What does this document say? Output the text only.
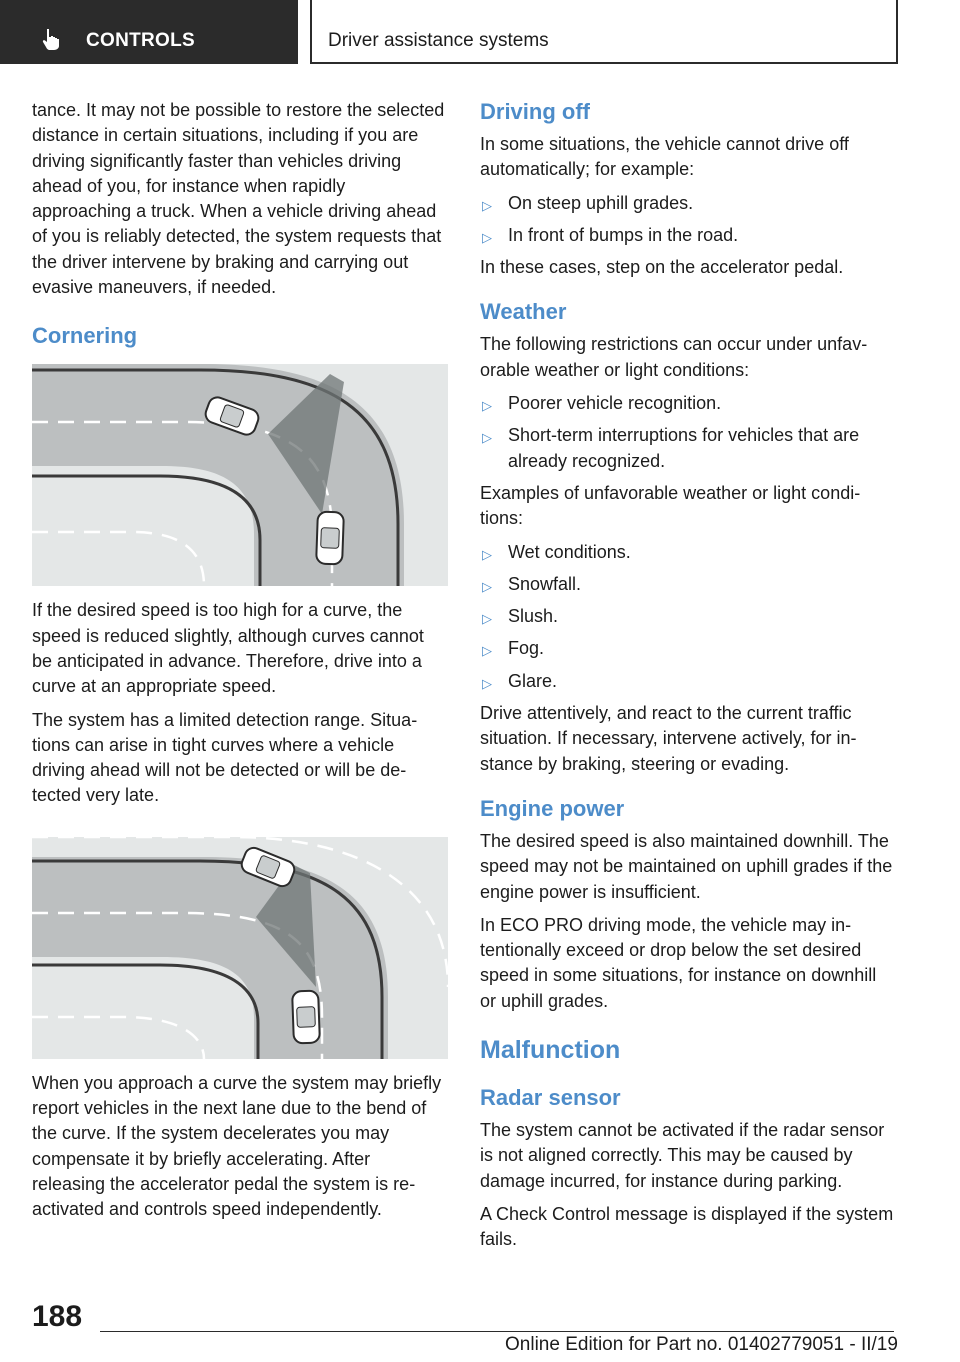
CONTROLS	Driver assistance systems

tance. It may not be possible to restore the selected distance in certain situations, including if you are driving significantly faster than vehicles driving ahead of you, for instance when rapidly approaching a truck. When a vehicle driving ahead of you is reliably detected, the system requests that the driver intervene by braking and carrying out evasive maneuvers, if needed.

Cornering

If the desired speed is too high for a curve, the speed is reduced slightly, although curves cannot be anticipated in advance. Therefore, drive into a curve at an appropriate speed.

The system has a limited detection range. Situations can arise in tight curves where a vehicle driving ahead will not be detected or will be detected very late.

When you approach a curve the system may briefly report vehicles in the next lane due to the bend of the curve. If the system decelerates you may compensate it by briefly accelerating. After releasing the accelerator pedal the system is reactivated and controls speed independently.

Driving off

In some situations, the vehicle cannot drive off automatically; for example:

▷ On steep uphill grades.
▷ In front of bumps in the road.

In these cases, step on the accelerator pedal.

Weather

The following restrictions can occur under unfavorable weather or light conditions:

▷ Poorer vehicle recognition.
▷ Short-term interruptions for vehicles that are already recognized.

Examples of unfavorable weather or light conditions:

▷ Wet conditions.
▷ Snowfall.
▷ Slush.
▷ Fog.
▷ Glare.

Drive attentively, and react to the current traffic situation. If necessary, intervene actively, for instance by braking, steering or evading.

Engine power

The desired speed is also maintained downhill. The speed may not be maintained on uphill grades if the engine power is insufficient.

In ECO PRO driving mode, the vehicle may intentionally exceed or drop below the set desired speed in some situations, for instance on downhill or uphill grades.

Malfunction
Radar sensor

The system cannot be activated if the radar sensor is not aligned correctly. This may be caused by damage incurred, for instance during parking.

A Check Control message is displayed if the system fails.

188
Online Edition for Part no. 01402779051 - II/19
